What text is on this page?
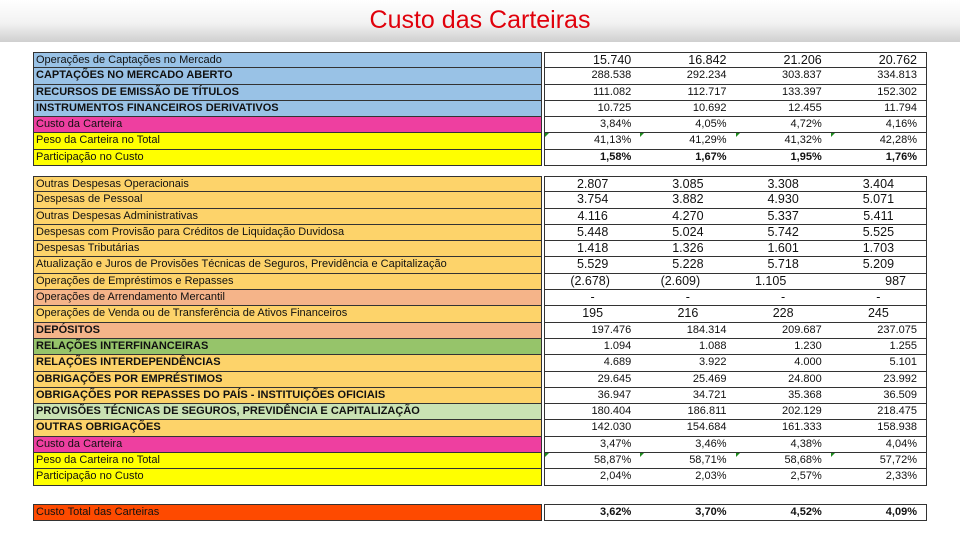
Custo das Carteiras
Operações de Captações no Mercado	15.740	16.842	21.206	20.762
CAPTAÇÕES NO MERCADO ABERTO	288.538	292.234	303.837	334.813
RECURSOS DE EMISSÃO DE TÍTULOS	111.082	112.717	133.397	152.302
INSTRUMENTOS FINANCEIROS DERIVATIVOS	10.725	10.692	12.455	11.794
Custo da Carteira	3,84%	4,05%	4,72%	4,16%
Peso da Carteira no Total	41,13%	41,29%	41,32%	42,28%
Participação no Custo	1,58%	1,67%	1,95%	1,76%
Outras Despesas Operacionais	2.807	3.085	3.308	3.404
Despesas de Pessoal	3.754	3.882	4.930	5.071
Outras Despesas Administrativas	4.116	4.270	5.337	5.411
Despesas com Provisão para Créditos de Liquidação Duvidosa	5.448	5.024	5.742	5.525
Despesas Tributárias	1.418	1.326	1.601	1.703
Atualização e Juros de Provisões Técnicas de Seguros, Previdência e Capitalização	5.529	5.228	5.718	5.209
Operações de Empréstimos e Repasses	(2.678)	(2.609)	1.105	987
Operações de Arrendamento Mercantil	-	-	-	-
Operações de Venda ou de Transferência de Ativos Financeiros	195	216	228	245
DEPÓSITOS	197.476	184.314	209.687	237.075
RELAÇÕES INTERFINANCEIRAS	1.094	1.088	1.230	1.255
RELAÇÕES INTERDEPENDÊNCIAS	4.689	3.922	4.000	5.101
OBRIGAÇÕES POR EMPRÉSTIMOS	29.645	25.469	24.800	23.992
OBRIGAÇÕES POR REPASSES DO PAÍS - INSTITUIÇÕES OFICIAIS	36.947	34.721	35.368	36.509
PROVISÕES TÉCNICAS DE SEGUROS, PREVIDÊNCIA E CAPITALIZAÇÃO	180.404	186.811	202.129	218.475
OUTRAS OBRIGAÇÕES	142.030	154.684	161.333	158.938
Custo da Carteira	3,47%	3,46%	4,38%	4,04%
Peso da Carteira no Total	58,87%	58,71%	58,68%	57,72%
Participação no Custo	2,04%	2,03%	2,57%	2,33%
Custo Total das Carteiras	3,62%	3,70%	4,52%	4,09%
